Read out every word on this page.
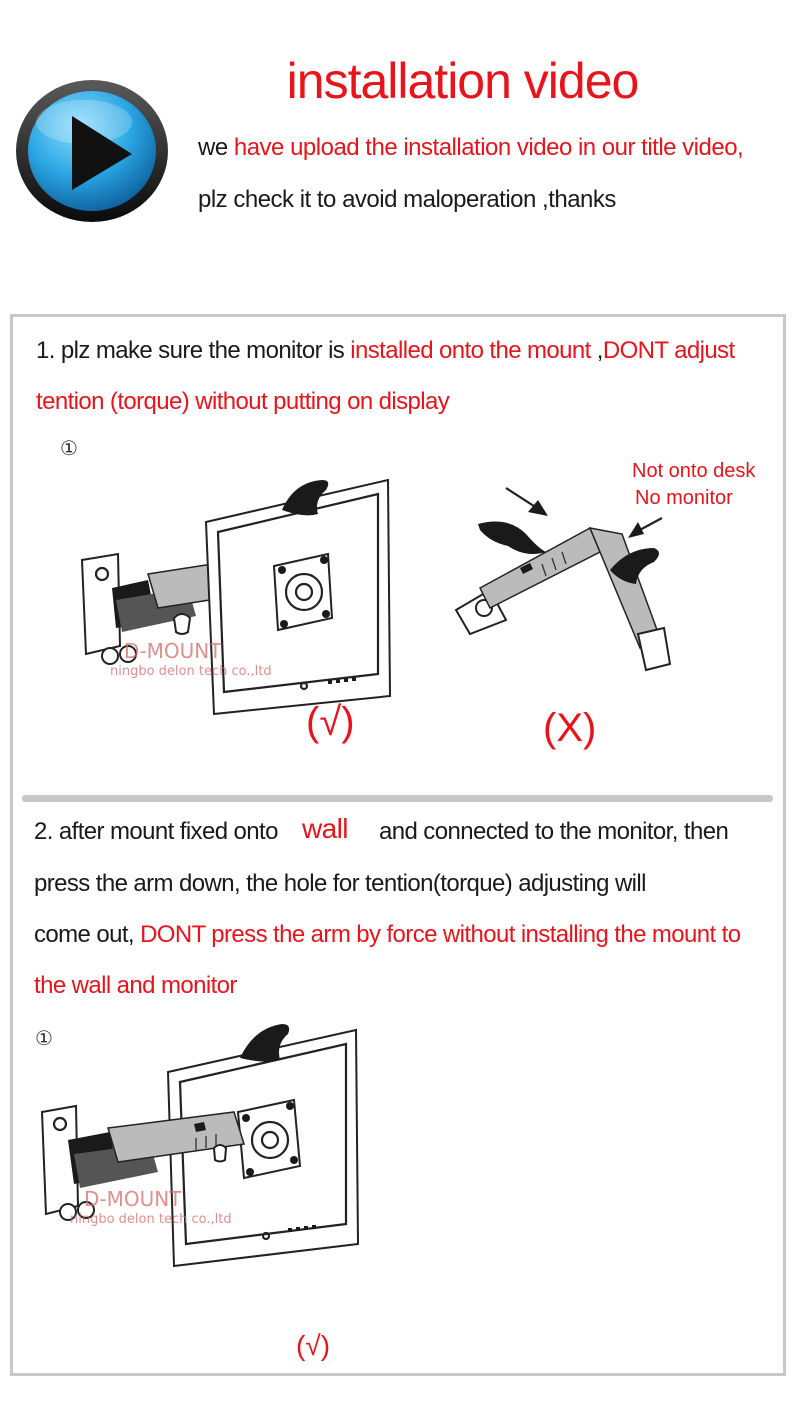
installation video
we have upload the installation video in our title video,
plz check it to avoid maloperation ,thanks
1. plz make sure the monitor is installed onto the mount ,DONT adjust
tention (torque) without putting on display
①
D-MOUNT
ningbo delon tech co.,ltd
Not onto desk
No monitor
(√)	(X)
2. after mount fixed onto wall and connected to the monitor, then
press the arm down, the hole for tention(torque) adjusting will
come out, DONT press the arm by force without installing the mount to
the wall and monitor
①
D-MOUNT
ningbo delon tech co.,ltd
(√)
